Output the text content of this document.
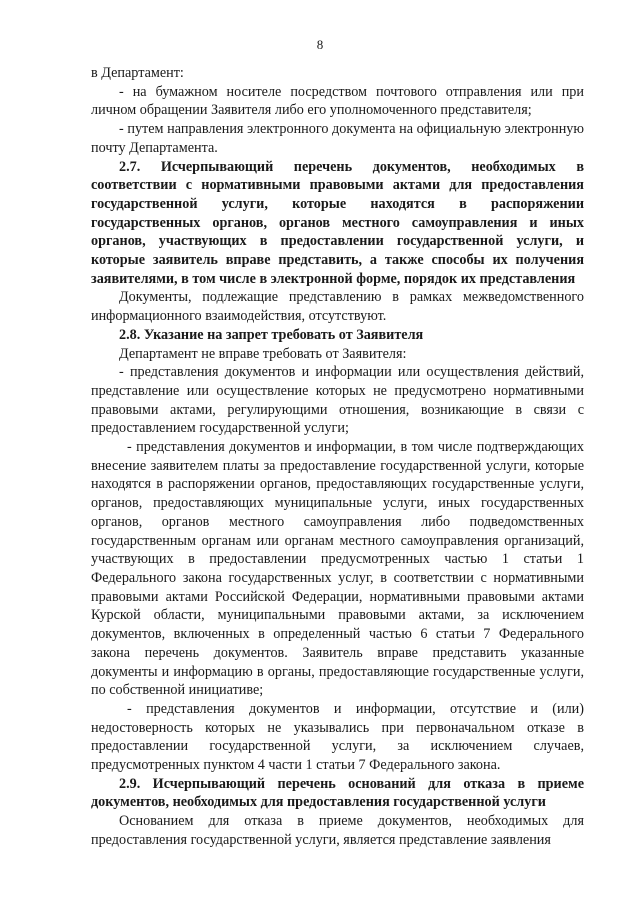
8

в Департамент:

- на бумажном носителе посредством почтового отправления или при личном обращении Заявителя либо его уполномоченного представителя;

- путем направления электронного документа на официальную электронную почту Департамента.

2.7. Исчерпывающий перечень документов, необходимых в соответствии с нормативными правовыми актами для предоставления государственной услуги, которые находятся в распоряжении государственных органов, органов местного самоуправления и иных органов, участвующих в предоставлении государственной услуги, и которые заявитель вправе представить, а также способы их получения заявителями, в том числе в электронной форме, порядок их представления

Документы, подлежащие представлению в рамках межведомственного информационного взаимодействия, отсутствуют.

2.8. Указание на запрет требовать от Заявителя

Департамент не вправе требовать от Заявителя:

- представления документов и информации или осуществления действий, представление или осуществление которых не предусмотрено нормативными правовыми актами, регулирующими отношения, возникающие в связи с предоставлением государственной услуги;

- представления документов и информации, в том числе подтверждающих внесение заявителем платы за предоставление государственной услуги, которые находятся в распоряжении органов, предоставляющих государственные услуги, органов, предоставляющих муниципальные услуги, иных государственных органов, органов местного самоуправления либо подведомственных государственным органам или органам местного самоуправления организаций, участвующих в предоставлении предусмотренных частью 1 статьи 1 Федерального закона государственных услуг, в соответствии с нормативными правовыми актами Российской Федерации, нормативными правовыми актами Курской области, муниципальными правовыми актами, за исключением документов, включенных в определенный частью 6 статьи 7 Федерального закона перечень документов. Заявитель вправе представить указанные документы и информацию в органы, предоставляющие государственные услуги, по собственной инициативе;

- представления документов и информации, отсутствие и (или) недостоверность которых не указывались при первоначальном отказе в предоставлении государственной услуги, за исключением случаев, предусмотренных пунктом 4 части 1 статьи 7 Федерального закона.

2.9. Исчерпывающий перечень оснований для отказа в приеме документов, необходимых для предоставления государственной услуги

Основанием для отказа в приеме документов, необходимых для предоставления государственной услуги, является представление заявления
